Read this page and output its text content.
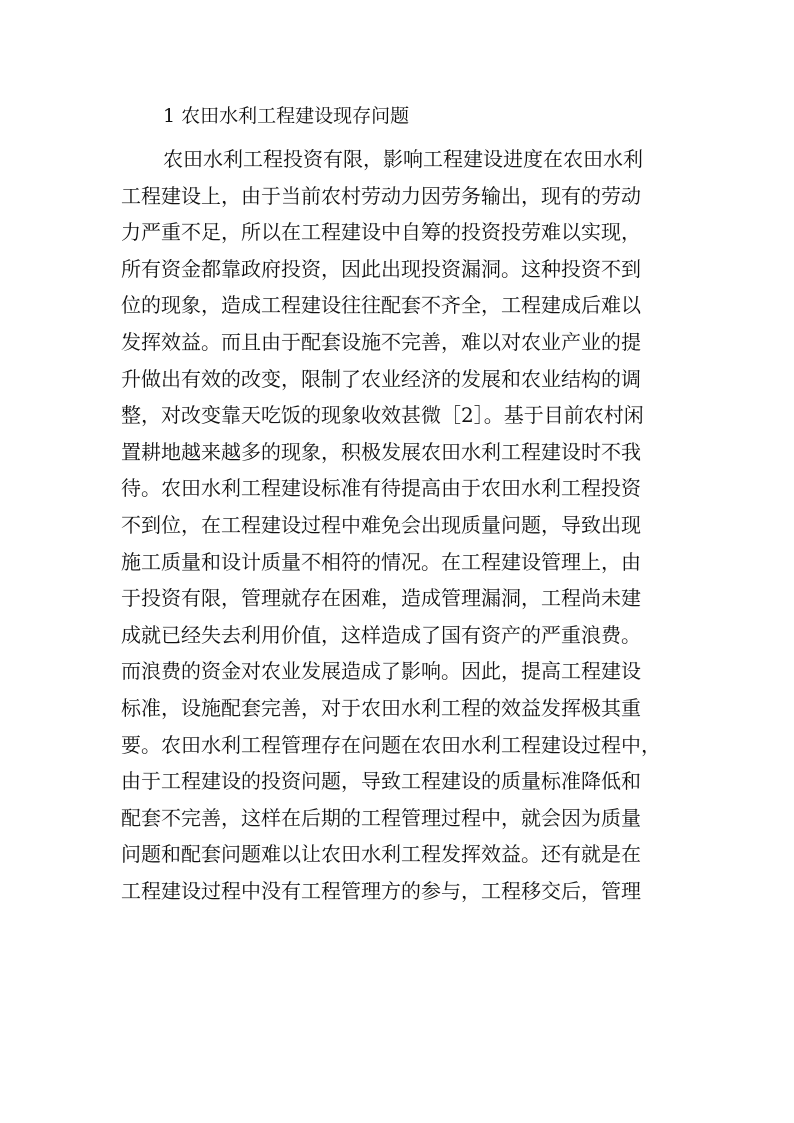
1 农田水利工程建设现存问题
农田水利工程投资有限，影响工程建设进度在农田水利
工程建设上，由于当前农村劳动力因劳务输出，现有的劳动
力严重不足，所以在工程建设中自筹的投资投劳难以实现，
所有资金都靠政府投资，因此出现投资漏洞。这种投资不到
位的现象，造成工程建设往往配套不齐全，工程建成后难以
发挥效益。而且由于配套设施不完善，难以对农业产业的提
升做出有效的改变，限制了农业经济的发展和农业结构的调
整，对改变靠天吃饭的现象收效甚微［2］。基于目前农村闲
置耕地越来越多的现象，积极发展农田水利工程建设时不我
待。农田水利工程建设标准有待提高由于农田水利工程投资
不到位，在工程建设过程中难免会出现质量问题，导致出现
施工质量和设计质量不相符的情况。在工程建设管理上，由
于投资有限，管理就存在困难，造成管理漏洞，工程尚未建
成就已经失去利用价值，这样造成了国有资产的严重浪费。
而浪费的资金对农业发展造成了影响。因此，提高工程建设
标准，设施配套完善，对于农田水利工程的效益发挥极其重
要。农田水利工程管理存在问题在农田水利工程建设过程中，
由于工程建设的投资问题，导致工程建设的质量标准降低和
配套不完善，这样在后期的工程管理过程中，就会因为质量
问题和配套问题难以让农田水利工程发挥效益。还有就是在
工程建设过程中没有工程管理方的参与，工程移交后，管理
